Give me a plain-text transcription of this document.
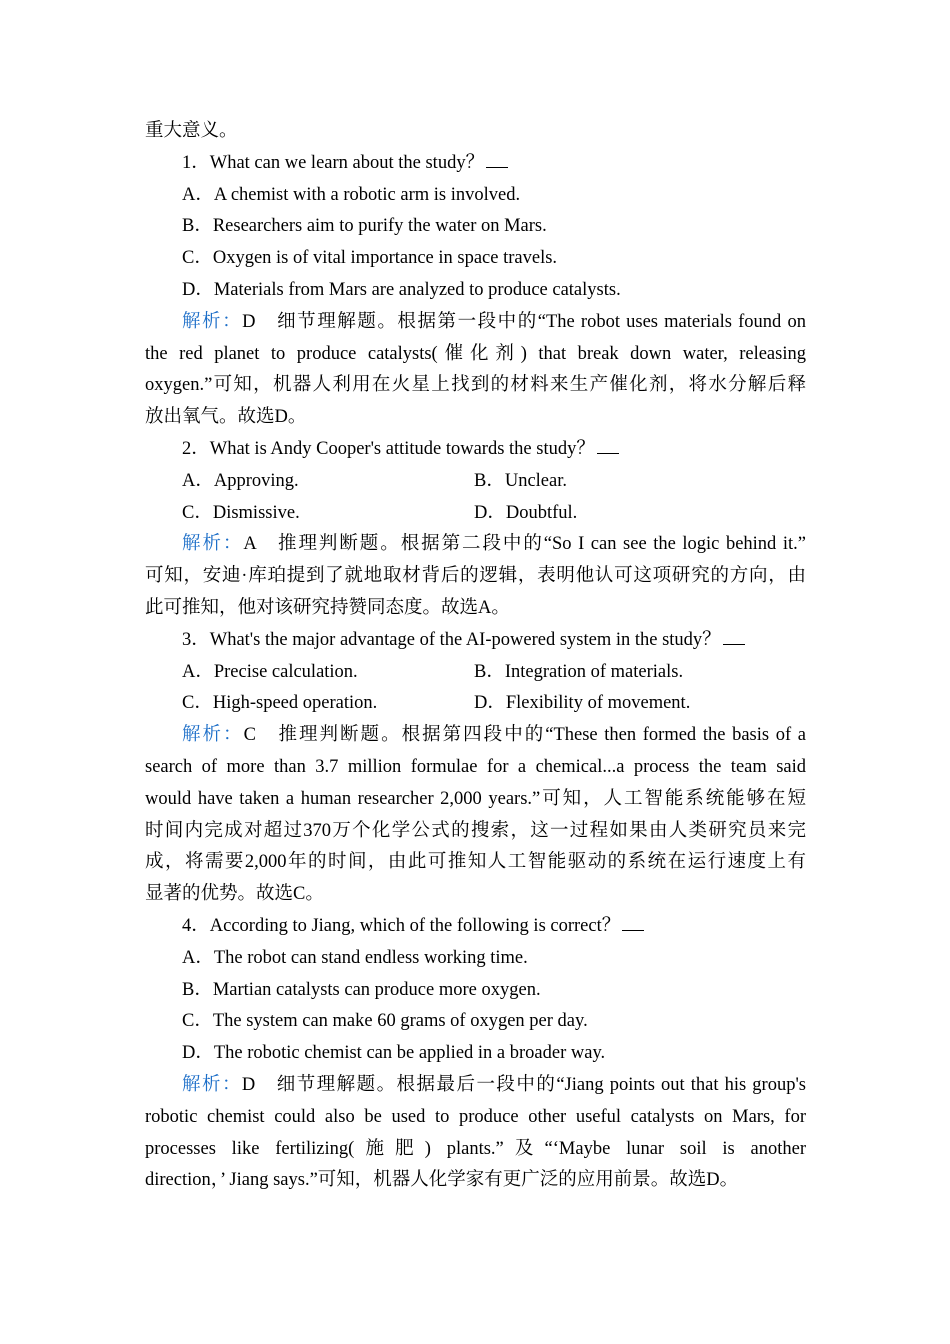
重大意义。
1．What can we learn about the study？
A．A chemist with a robotic arm is involved.
B．Researchers aim to purify the water on Mars.
C．Oxygen is of vital importance in space travels.
D．Materials from Mars are analyzed to produce catalysts.
解析：D　细节理解题。根据第一段中的“The robot uses materials found on
the red planet to produce catalysts(催化剂) that break down water, releasing
oxygen.”可知，机器人利用在火星上找到的材料来生产催化剂，将水分解后释
放出氧气。故选D。
2．What is Andy Cooper's attitude towards the study？
A．Approving.	B．Unclear.
C．Dismissive.	D．Doubtful.
解析：A　推理判断题。根据第二段中的“So I can see the logic behind it.”
可知，安迪·库珀提到了就地取材背后的逻辑，表明他认可这项研究的方向，由
此可推知，他对该研究持赞同态度。故选A。
3．What's the major advantage of the AI-powered system in the study？
A．Precise calculation.	B．Integration of materials.
C．High-speed operation.	D．Flexibility of movement.
解析：C　推理判断题。根据第四段中的“These then formed the basis of a
search of more than 3.7 million formulae for a chemical...a process the team said
would have taken a human researcher 2,000 years.”可知，人工智能系统能够在短
时间内完成对超过370万个化学公式的搜索，这一过程如果由人类研究员来完
成，将需要2,000年的时间，由此可推知人工智能驱动的系统在运行速度上有
显著的优势。故选C。
4．According to Jiang, which of the following is correct？
A．The robot can stand endless working time.
B．Martian catalysts can produce more oxygen.
C．The system can make 60 grams of oxygen per day.
D．The robotic chemist can be applied in a broader way.
解析：D　细节理解题。根据最后一段中的“Jiang points out that his group's
robotic chemist could also be used to produce other useful catalysts on Mars, for
processes like fertilizing(施肥) plants.”及“‘Maybe lunar soil is another
direction，’ Jiang says.”可知，机器人化学家有更广泛的应用前景。故选D。
